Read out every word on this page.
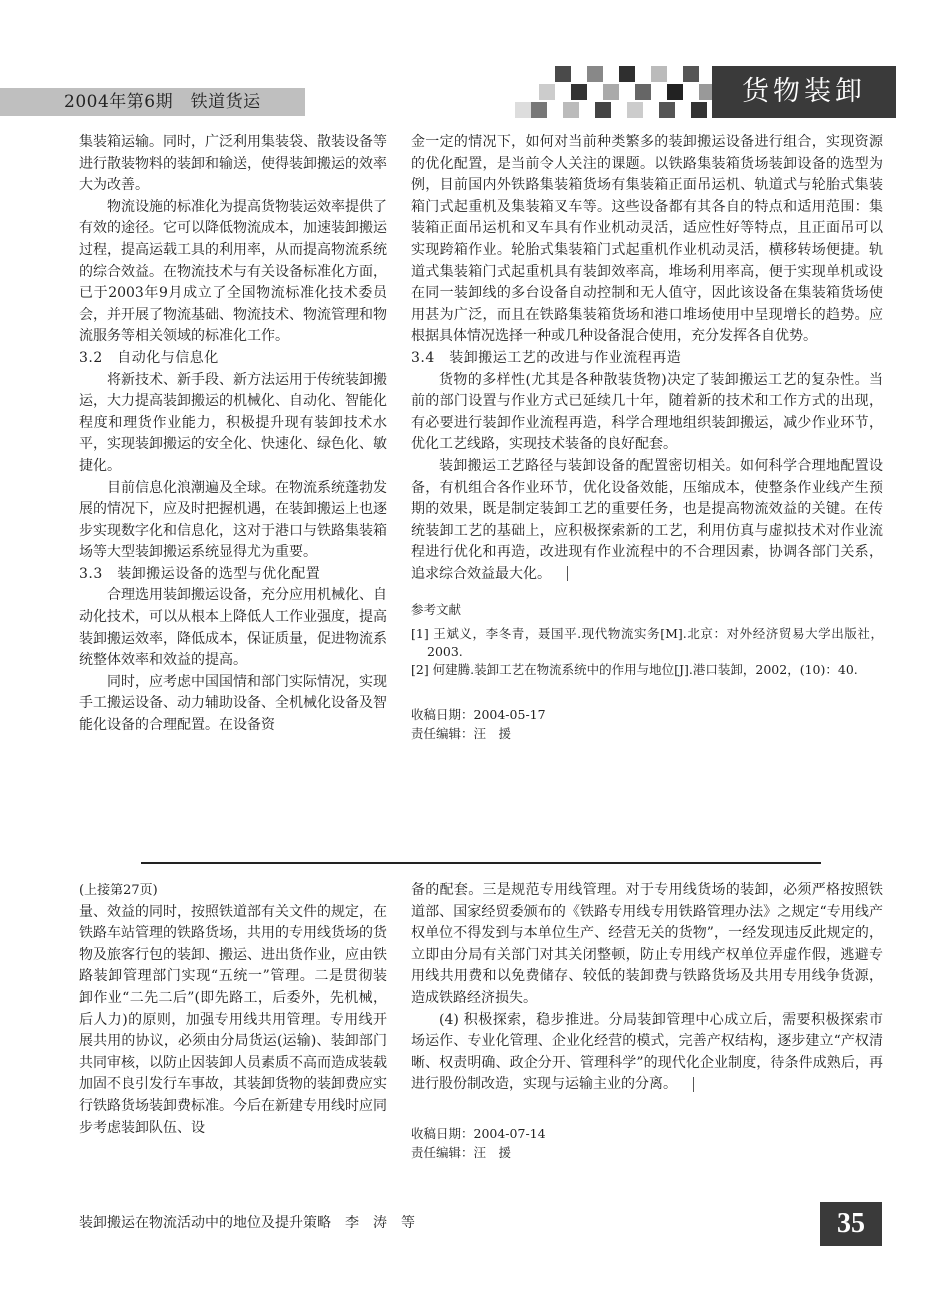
2004年第6期　铁道货运	货物装卸

集装箱运输。同时，广泛利用集装袋、散装设备等进行散装物料的装卸和输送，使得装卸搬运的效率大为改善。

物流设施的标准化为提高货物装运效率提供了有效的途径。它可以降低物流成本，加速装卸搬运过程，提高运载工具的利用率，从而提高物流系统的综合效益。在物流技术与有关设备标准化方面，已于2003年9月成立了全国物流标准化技术委员会，并开展了物流基础、物流技术、物流管理和物流服务等相关领域的标准化工作。

3.2　自动化与信息化

将新技术、新手段、新方法运用于传统装卸搬运，大力提高装卸搬运的机械化、自动化、智能化程度和理货作业能力，积极提升现有装卸技术水平，实现装卸搬运的安全化、快速化、绿色化、敏捷化。

目前信息化浪潮遍及全球。在物流系统蓬勃发展的情况下，应及时把握机遇，在装卸搬运上也逐步实现数字化和信息化，这对于港口与铁路集装箱场等大型装卸搬运系统显得尤为重要。

3.3　装卸搬运设备的选型与优化配置

合理选用装卸搬运设备，充分应用机械化、自动化技术，可以从根本上降低人工作业强度，提高装卸搬运效率，降低成本，保证质量，促进物流系统整体效率和效益的提高。

同时，应考虑中国国情和部门实际情况，实现手工搬运设备、动力辅助设备、全机械化设备及智能化设备的合理配置。在设备资

金一定的情况下，如何对当前种类繁多的装卸搬运设备进行组合，实现资源的优化配置，是当前令人关注的课题。以铁路集装箱货场装卸设备的选型为例，目前国内外铁路集装箱货场有集装箱正面吊运机、轨道式与轮胎式集装箱门式起重机及集装箱叉车等。这些设备都有其各自的特点和适用范围：集装箱正面吊运机和叉车具有作业机动灵活，适应性好等特点，且正面吊可以实现跨箱作业。轮胎式集装箱门式起重机作业机动灵活，横移转场便捷。轨道式集装箱门式起重机具有装卸效率高，堆场利用率高，便于实现单机或设在同一装卸线的多台设备自动控制和无人值守，因此该设备在集装箱货场使用甚为广泛，而且在铁路集装箱货场和港口堆场使用中呈现增长的趋势。应根据具体情况选择一种或几种设备混合使用，充分发挥各自优势。

3.4　装卸搬运工艺的改进与作业流程再造

货物的多样性(尤其是各种散装货物)决定了装卸搬运工艺的复杂性。当前的部门设置与作业方式已延续几十年，随着新的技术和工作方式的出现，有必要进行装卸作业流程再造，科学合理地组织装卸搬运，减少作业环节，优化工艺线路，实现技术装备的良好配套。

装卸搬运工艺路径与装卸设备的配置密切相关。如何科学合理地配置设备，有机组合各作业环节，优化设备效能，压缩成本，使整条作业线产生预期的效果，既是制定装卸工艺的重要任务，也是提高物流效益的关键。在传统装卸工艺的基础上，应积极探索新的工艺，利用仿真与虚拟技术对作业流程进行优化和再造，改进现有作业流程中的不合理因素，协调各部门关系，追求综合效益最大化。

参考文献

[1] 王斌义，李冬青，聂国平.现代物流实务[M].北京：对外经济贸易大学出版社，2003.

[2] 何建腾.装卸工艺在物流系统中的作用与地位[J].港口装卸，2002，(10)：40.

收稿日期：2004-05-17

责任编辑：汪　援

(上接第27页)

量、效益的同时，按照铁道部有关文件的规定，在铁路车站管理的铁路货场，共用的专用线货场的货物及旅客行包的装卸、搬运、进出货作业，应由铁路装卸管理部门实现“五统一”管理。二是贯彻装卸作业“二先二后”(即先路工，后委外，先机械，后人力)的原则，加强专用线共用管理。专用线开展共用的协议，必须由分局货运(运输)、装卸部门共同审核，以防止因装卸人员素质不高而造成装载加固不良引发行车事故，其装卸货物的装卸费应实行铁路货场装卸费标准。今后在新建专用线时应同步考虑装卸队伍、设

备的配套。三是规范专用线管理。对于专用线货场的装卸，必须严格按照铁道部、国家经贸委颁布的《铁路专用线专用铁路管理办法》之规定“专用线产权单位不得发到与本单位生产、经营无关的货物”，一经发现违反此规定的，立即由分局有关部门对其关闭整顿，防止专用线产权单位弄虚作假，逃避专用线共用费和以免费储存、较低的装卸费与铁路货场及共用专用线争货源，造成铁路经济损失。

(4) 积极探索，稳步推进。分局装卸管理中心成立后，需要积极探索市场运作、专业化管理、企业化经营的模式，完善产权结构，逐步建立“产权清晰、权责明确、政企分开、管理科学”的现代化企业制度，待条件成熟后，再进行股份制改造，实现与运输主业的分离。

收稿日期：2004-07-14

责任编辑：汪　援

装卸搬运在物流活动中的地位及提升策略　李　涛　等	35
